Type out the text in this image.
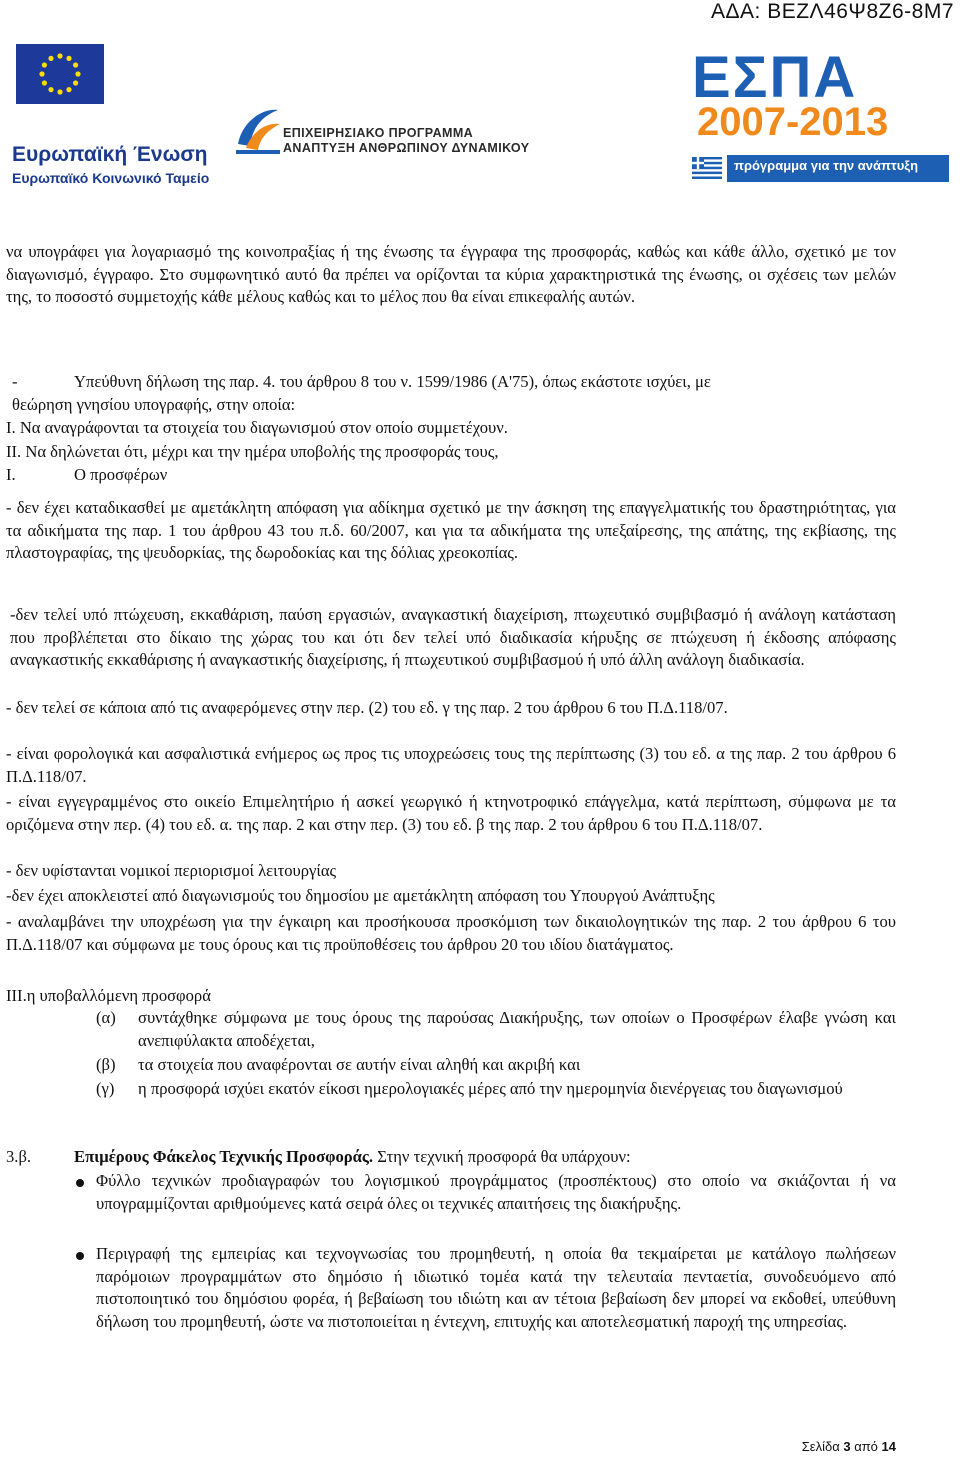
ΑΔΑ: ΒΕΖΛ46Ψ8Ζ6-8Μ7
Ευρωπαϊκή Ένωση
Ευρωπαϊκό Κοινωνικό Ταμείο
ΕΠΙΧΕΙΡΗΣΙΑΚΟ ΠΡΟΓΡΑΜΜΑ
ΑΝΑΠΤΥΞΗ ΑΝΘΡΩΠΙΝΟΥ ΔΥΝΑΜΙΚΟΥ
ΕΣΠΑ
2007-2013
πρόγραμμα για την ανάπτυξη
να υπογράφει για λογαριασμό της κοινοπραξίας ή της ένωσης τα έγγραφα της προσφοράς, καθώς και κάθε άλλο, σχετικό με τον διαγωνισμό, έγγραφο. Στο συμφωνητικό αυτό θα πρέπει να ορίζονται τα κύρια χαρακτηριστικά της ένωσης, οι σχέσεις των μελών της, το ποσοστό συμμετοχής κάθε μέλους καθώς και το μέλος που θα είναι επικεφαλής αυτών.
-	Υπεύθυνη δήλωση της παρ. 4. του άρθρου 8 του ν. 1599/1986 (Α'75), όπως εκάστοτε ισχύει, με
θεώρηση γνησίου υπογραφής, στην οποία:
Ι. Να αναγράφονται τα στοιχεία του διαγωνισμού στον οποίο συμμετέχουν.
ΙΙ. Να δηλώνεται ότι, μέχρι και την ημέρα υποβολής της προσφοράς τους,
Ι.	Ο προσφέρων
- δεν έχει καταδικασθεί με αμετάκλητη απόφαση για αδίκημα σχετικό με την άσκηση της επαγγελματικής του δραστηριότητας, για τα αδικήματα της παρ. 1 του άρθρου 43 του π.δ. 60/2007, και για τα αδικήματα της υπεξαίρεσης, της απάτης, της εκβίασης, της πλαστογραφίας, της ψευδορκίας, της δωροδοκίας και της δόλιας χρεοκοπίας.
-δεν τελεί υπό πτώχευση, εκκαθάριση, παύση εργασιών, αναγκαστική διαχείριση, πτωχευτικό συμβιβασμό ή ανάλογη κατάσταση που προβλέπεται στο δίκαιο της χώρας του και ότι δεν τελεί υπό διαδικασία κήρυξης σε πτώχευση ή έκδοσης απόφασης αναγκαστικής εκκαθάρισης ή αναγκαστικής διαχείρισης, ή πτωχευτικού συμβιβασμού ή υπό άλλη ανάλογη διαδικασία.
- δεν τελεί σε κάποια από τις αναφερόμενες στην περ. (2) του εδ. γ της παρ. 2 του άρθρου 6 του Π.Δ.118/07.
- είναι φορολογικά και ασφαλιστικά ενήμερος ως προς τις υποχρεώσεις τους της περίπτωσης (3) του εδ. α της παρ. 2 του άρθρου 6 Π.Δ.118/07.
- είναι εγγεγραμμένος στο οικείο Επιμελητήριο ή ασκεί γεωργικό ή κτηνοτροφικό επάγγελμα, κατά περίπτωση, σύμφωνα με τα οριζόμενα στην περ. (4) του εδ. α. της παρ. 2 και στην περ. (3) του εδ. β της παρ. 2 του άρθρου 6 του Π.Δ.118/07.
- δεν υφίστανται νομικοί περιορισμοί λειτουργίας
-δεν έχει αποκλειστεί από διαγωνισμούς του δημοσίου με αμετάκλητη απόφαση του Υπουργού Ανάπτυξης
- αναλαμβάνει την υποχρέωση για την έγκαιρη και προσήκουσα προσκόμιση των δικαιολογητικών της παρ. 2 του άρθρου 6 του Π.Δ.118/07 και σύμφωνα με τους όρους και τις προϋποθέσεις του άρθρου 20 του ιδίου διατάγματος.
ΙΙΙ.η υποβαλλόμενη προσφορά
(α) συντάχθηκε σύμφωνα με τους όρους της παρούσας Διακήρυξης, των οποίων ο Προσφέρων έλαβε γνώση και ανεπιφύλακτα αποδέχεται,
(β) τα στοιχεία που αναφέρονται σε αυτήν είναι αληθή και ακριβή και
(γ) η προσφορά ισχύει εκατόν είκοσι ημερολογιακές μέρες από την ημερομηνία διενέργειας του διαγωνισμού
3.β.	Επιμέρους Φάκελος Τεχνικής Προσφοράς. Στην τεχνική προσφορά θα υπάρχουν:
Φύλλο τεχνικών προδιαγραφών του λογισμικού προγράμματος (προσπέκτους) στο οποίο να σκιάζονται ή να υπογραμμίζονται αριθμούμενες κατά σειρά όλες οι τεχνικές απαιτήσεις της διακήρυξης.
Περιγραφή της εμπειρίας και τεχνογνωσίας του προμηθευτή, η οποία θα τεκμαίρεται με κατάλογο πωλήσεων παρόμοιων προγραμμάτων στο δημόσιο ή ιδιωτικό τομέα κατά την τελευταία πενταετία, συνοδευόμενο από πιστοποιητικό του δημόσιου φορέα, ή βεβαίωση του ιδιώτη και αν τέτοια βεβαίωση δεν μπορεί να εκδοθεί, υπεύθυνη δήλωση του προμηθευτή, ώστε να πιστοποιείται η έντεχνη, επιτυχής και αποτελεσματική παροχή της υπηρεσίας.
Σελίδα 3 από 14
